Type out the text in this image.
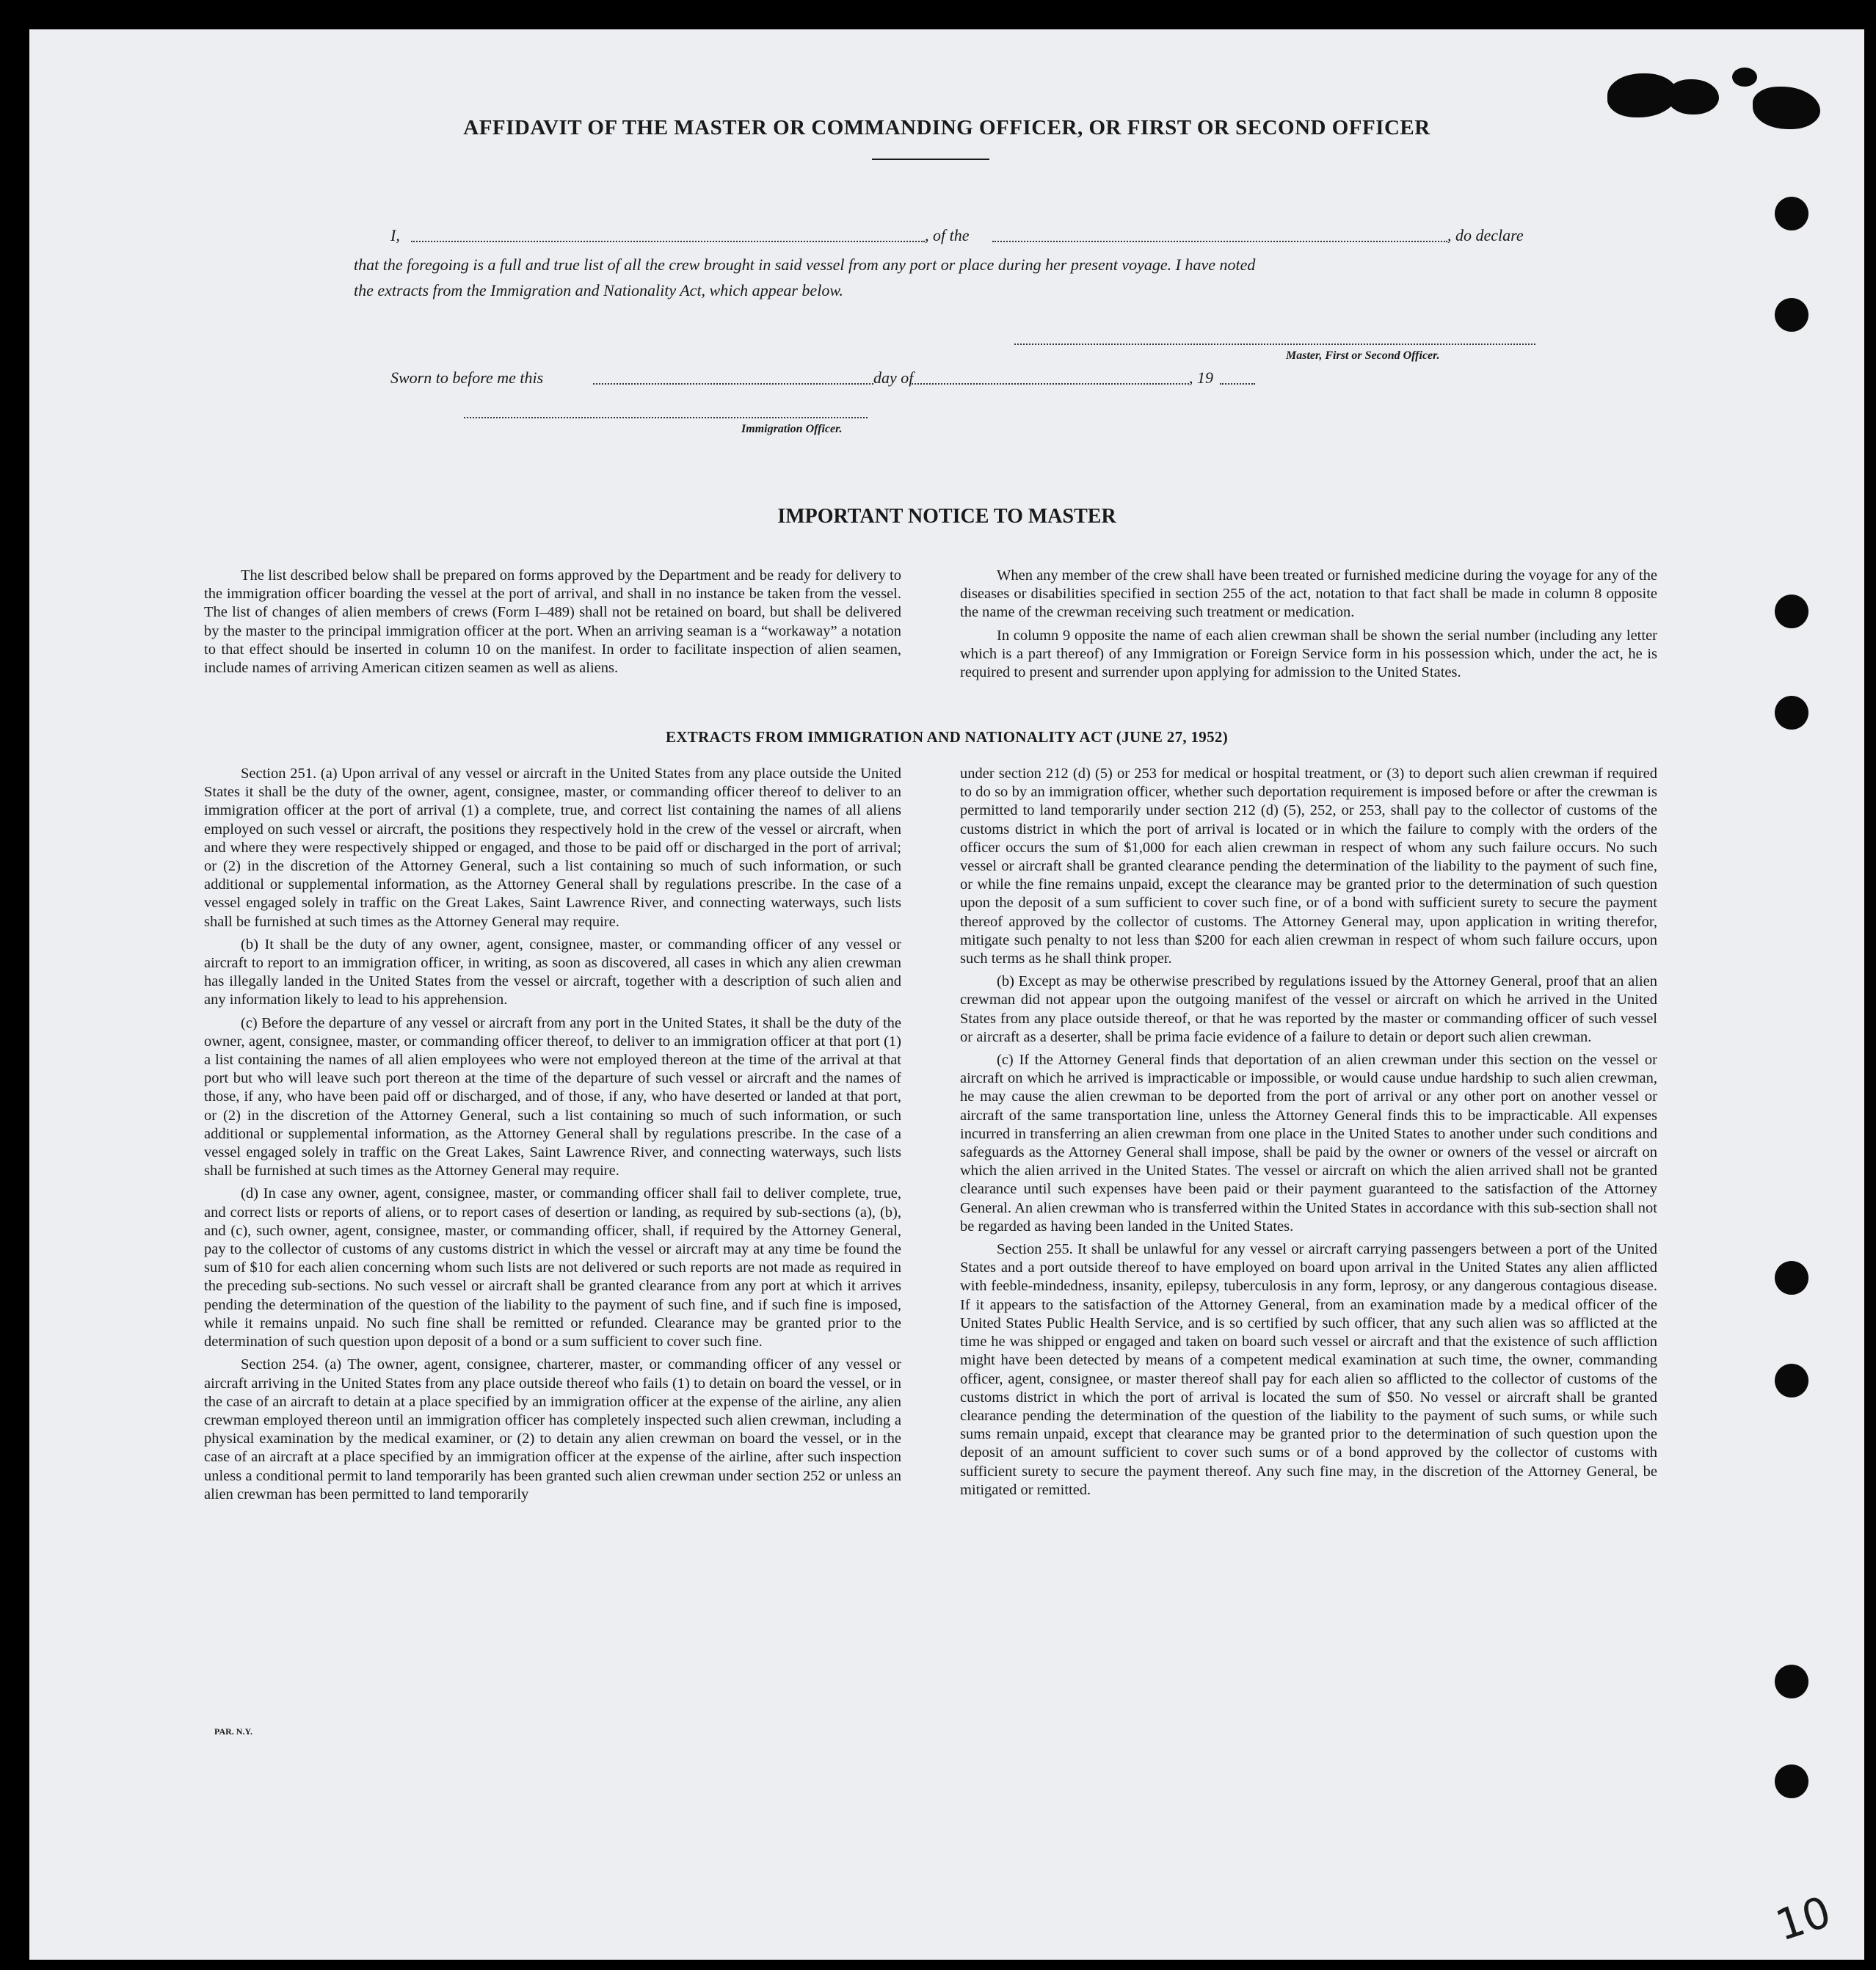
AFFIDAVIT OF THE MASTER OR COMMANDING OFFICER, OR FIRST OR SECOND OFFICER
I,	, of the	, do declare
that the foregoing is a full and true list of all the crew brought in said vessel from any port or place during her present voyage. I have noted
the extracts from the Immigration and Nationality Act, which appear below.
Master, First or Second Officer.
Sworn to before me this	day of	, 19
Immigration Officer.
IMPORTANT NOTICE TO MASTER

The list described below shall be prepared on forms approved by the Department and be ready for delivery to the immigration officer boarding the vessel at the port of arrival, and shall in no instance be taken from the vessel. The list of changes of alien members of crews (Form I–489) shall not be retained on board, but shall be delivered by the master to the principal immigration officer at the port. When an arriving seaman is a “workaway” a notation to that effect should be inserted in column 10 on the manifest. In order to facilitate inspection of alien seamen, include names of arriving American citizen seamen as well as aliens.

When any member of the crew shall have been treated or furnished medicine during the voyage for any of the diseases or disabilities specified in section 255 of the act, notation to that fact shall be made in column 8 opposite the name of the crewman receiving such treatment or medication.

In column 9 opposite the name of each alien crewman shall be shown the serial number (including any letter which is a part thereof) of any Immigration or Foreign Service form in his possession which, under the act, he is required to present and surrender upon applying for admission to the United States.

EXTRACTS FROM IMMIGRATION AND NATIONALITY ACT (JUNE 27, 1952)

Section 251. (a) Upon arrival of any vessel or aircraft in the United States from any place outside the United States it shall be the duty of the owner, agent, consignee, master, or commanding officer thereof to deliver to an immigration officer at the port of arrival (1) a complete, true, and correct list containing the names of all aliens employed on such vessel or aircraft, the positions they respectively hold in the crew of the vessel or aircraft, when and where they were respectively shipped or engaged, and those to be paid off or discharged in the port of arrival; or (2) in the discretion of the Attorney General, such a list containing so much of such information, or such additional or supplemental information, as the Attorney General shall by regulations prescribe. In the case of a vessel engaged solely in traffic on the Great Lakes, Saint Lawrence River, and connecting waterways, such lists shall be furnished at such times as the Attorney General may require.

(b) It shall be the duty of any owner, agent, consignee, master, or commanding officer of any vessel or aircraft to report to an immigration officer, in writing, as soon as discovered, all cases in which any alien crewman has illegally landed in the United States from the vessel or aircraft, together with a description of such alien and any information likely to lead to his apprehension.

(c) Before the departure of any vessel or aircraft from any port in the United States, it shall be the duty of the owner, agent, consignee, master, or commanding officer thereof, to deliver to an immigration officer at that port (1) a list containing the names of all alien employees who were not employed thereon at the time of the arrival at that port but who will leave such port thereon at the time of the departure of such vessel or aircraft and the names of those, if any, who have been paid off or discharged, and of those, if any, who have deserted or landed at that port, or (2) in the discretion of the Attorney General, such a list containing so much of such information, or such additional or supplemental information, as the Attorney General shall by regulations prescribe. In the case of a vessel engaged solely in traffic on the Great Lakes, Saint Lawrence River, and connecting waterways, such lists shall be furnished at such times as the Attorney General may require.

(d) In case any owner, agent, consignee, master, or commanding officer shall fail to deliver complete, true, and correct lists or reports of aliens, or to report cases of desertion or landing, as required by sub-sections (a), (b), and (c), such owner, agent, consignee, master, or commanding officer, shall, if required by the Attorney General, pay to the collector of customs of any customs district in which the vessel or aircraft may at any time be found the sum of $10 for each alien concerning whom such lists are not delivered or such reports are not made as required in the preceding sub-sections. No such vessel or aircraft shall be granted clearance from any port at which it arrives pending the determination of the question of the liability to the payment of such fine, and if such fine is imposed, while it remains unpaid. No such fine shall be remitted or refunded. Clearance may be granted prior to the determination of such question upon deposit of a bond or a sum sufficient to cover such fine.

Section 254. (a) The owner, agent, consignee, charterer, master, or commanding officer of any vessel or aircraft arriving in the United States from any place outside thereof who fails (1) to detain on board the vessel, or in the case of an aircraft to detain at a place specified by an immigration officer at the expense of the airline, any alien crewman employed thereon until an immigration officer has completely inspected such alien crewman, including a physical examination by the medical examiner, or (2) to detain any alien crewman on board the vessel, or in the case of an aircraft at a place specified by an immigration officer at the expense of the airline, after such inspection unless a conditional permit to land temporarily has been granted such alien crewman under section 252 or unless an alien crewman has been permitted to land temporarily

under section 212 (d) (5) or 253 for medical or hospital treatment, or (3) to deport such alien crewman if required to do so by an immigration officer, whether such deportation requirement is imposed before or after the crewman is permitted to land temporarily under section 212 (d) (5), 252, or 253, shall pay to the collector of customs of the customs district in which the port of arrival is located or in which the failure to comply with the orders of the officer occurs the sum of $1,000 for each alien crewman in respect of whom any such failure occurs. No such vessel or aircraft shall be granted clearance pending the determination of the liability to the payment of such fine, or while the fine remains unpaid, except the clearance may be granted prior to the determination of such question upon the deposit of a sum sufficient to cover such fine, or of a bond with sufficient surety to secure the payment thereof approved by the collector of customs. The Attorney General may, upon application in writing therefor, mitigate such penalty to not less than $200 for each alien crewman in respect of whom such failure occurs, upon such terms as he shall think proper.

(b) Except as may be otherwise prescribed by regulations issued by the Attorney General, proof that an alien crewman did not appear upon the outgoing manifest of the vessel or aircraft on which he arrived in the United States from any place outside thereof, or that he was reported by the master or commanding officer of such vessel or aircraft as a deserter, shall be prima facie evidence of a failure to detain or deport such alien crewman.

(c) If the Attorney General finds that deportation of an alien crewman under this section on the vessel or aircraft on which he arrived is impracticable or impossible, or would cause undue hardship to such alien crewman, he may cause the alien crewman to be deported from the port of arrival or any other port on another vessel or aircraft of the same transportation line, unless the Attorney General finds this to be impracticable. All expenses incurred in transferring an alien crewman from one place in the United States to another under such conditions and safeguards as the Attorney General shall impose, shall be paid by the owner or owners of the vessel or aircraft on which the alien arrived in the United States. The vessel or aircraft on which the alien arrived shall not be granted clearance until such expenses have been paid or their payment guaranteed to the satisfaction of the Attorney General. An alien crewman who is transferred within the United States in accordance with this sub-section shall not be regarded as having been landed in the United States.

Section 255. It shall be unlawful for any vessel or aircraft carrying passengers between a port of the United States and a port outside thereof to have employed on board upon arrival in the United States any alien afflicted with feeble-mindedness, insanity, epilepsy, tuberculosis in any form, leprosy, or any dangerous contagious disease. If it appears to the satisfaction of the Attorney General, from an examination made by a medical officer of the United States Public Health Service, and is so certified by such officer, that any such alien was so afflicted at the time he was shipped or engaged and taken on board such vessel or aircraft and that the existence of such affliction might have been detected by means of a competent medical examination at such time, the owner, commanding officer, agent, consignee, or master thereof shall pay for each alien so afflicted to the collector of customs of the customs district in which the port of arrival is located the sum of $50. No vessel or aircraft shall be granted clearance pending the determination of the question of the liability to the payment of such sums, or while such sums remain unpaid, except that clearance may be granted prior to the determination of such question upon the deposit of an amount sufficient to cover such sums or of a bond approved by the collector of customs with sufficient surety to secure the payment thereof. Any such fine may, in the discretion of the Attorney General, be mitigated or remitted.

PAR. N.Y.
10
